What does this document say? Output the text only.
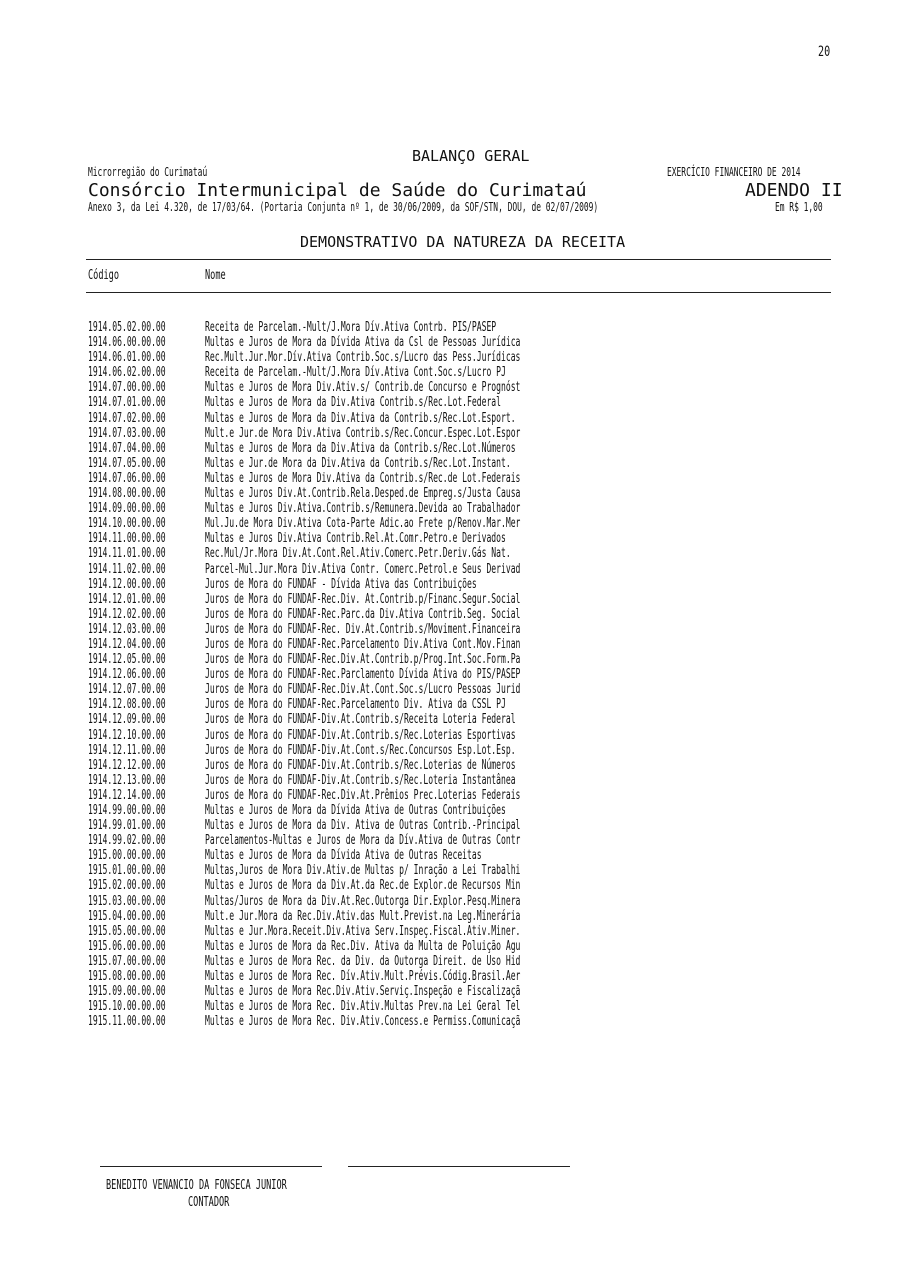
20
BALANÇO GERAL
Microrregião do Curimataú	EXERCÍCIO FINANCEIRO DE 2014
Consórcio Intermunicipal de Saúde do Curimataú	ADENDO II
Anexo 3, da Lei 4.320, de 17/03/64. (Portaria Conjunta nº 1, de 30/06/2009, da SOF/STN, DOU, de 02/07/2009)	Em R$ 1,00
DEMONSTRATIVO DA NATUREZA DA RECEITA
Código	Nome
1914.05.02.00.00	Receita de Parcelam.-Mult/J.Mora Dív.Ativa Contrb. PIS/PASEP
1914.06.00.00.00	Multas e Juros de Mora da Dívida Ativa da Csl de Pessoas Jurídica
1914.06.01.00.00	Rec.Mult.Jur.Mor.Dív.Ativa Contrib.Soc.s/Lucro das Pess.Jurídicas
1914.06.02.00.00	Receita de Parcelam.-Mult/J.Mora Dív.Ativa Cont.Soc.s/Lucro PJ
1914.07.00.00.00	Multas e Juros de Mora Div.Ativ.s/ Contrib.de Concurso e Prognóst
1914.07.01.00.00	Multas e Juros de Mora da Div.Ativa Contrib.s/Rec.Lot.Federal
1914.07.02.00.00	Multas e Juros de Mora da Div.Ativa da Contrib.s/Rec.Lot.Esport.
1914.07.03.00.00	Mult.e Jur.de Mora Div.Ativa Contrib.s/Rec.Concur.Espec.Lot.Espor
1914.07.04.00.00	Multas e Juros de Mora da Div.Ativa da Contrib.s/Rec.Lot.Números
1914.07.05.00.00	Multas e Jur.de Mora da Div.Ativa da Contrib.s/Rec.Lot.Instant.
1914.07.06.00.00	Multas e Juros de Mora Div.Ativa da Contrib.s/Rec.de Lot.Federais
1914.08.00.00.00	Multas e Juros Div.At.Contrib.Rela.Desped.de Empreg.s/Justa Causa
1914.09.00.00.00	Multas e Juros Div.Ativa.Contrib.s/Remunera.Devida ao Trabalhador
1914.10.00.00.00	Mul.Ju.de Mora Div.Ativa Cota-Parte Adic.ao Frete p/Renov.Mar.Mer
1914.11.00.00.00	Multas e Juros Div.Ativa Contrib.Rel.At.Comr.Petro.e Derivados
1914.11.01.00.00	Rec.Mul/Jr.Mora Div.At.Cont.Rel.Ativ.Comerc.Petr.Deriv.Gás Nat.
1914.11.02.00.00	Parcel-Mul.Jur.Mora Div.Ativa Contr. Comerc.Petrol.e Seus Derivad
1914.12.00.00.00	Juros de Mora do FUNDAF - Dívida Ativa das Contribuições
1914.12.01.00.00	Juros de Mora do FUNDAF-Rec.Div. At.Contrib.p/Financ.Segur.Social
1914.12.02.00.00	Juros de Mora do FUNDAF-Rec.Parc.da Div.Ativa Contrib.Seg. Social
1914.12.03.00.00	Juros de Mora do FUNDAF-Rec. Div.At.Contrib.s/Moviment.Financeira
1914.12.04.00.00	Juros de Mora do FUNDAF-Rec.Parcelamento Div.Ativa Cont.Mov.Finan
1914.12.05.00.00	Juros de Mora do FUNDAF-Rec.Div.At.Contrib.p/Prog.Int.Soc.Form.Pa
1914.12.06.00.00	Juros de Mora do FUNDAF-Rec.Parclamento Dívida Ativa do PIS/PASEP
1914.12.07.00.00	Juros de Mora do FUNDAF-Rec.Div.At.Cont.Soc.s/Lucro Pessoas Jurid
1914.12.08.00.00	Juros de Mora do FUNDAF-Rec.Parcelamento Div. Ativa da CSSL PJ
1914.12.09.00.00	Juros de Mora do FUNDAF-Div.At.Contrib.s/Receita Loteria Federal
1914.12.10.00.00	Juros de Mora do FUNDAF-Div.At.Contrib.s/Rec.Loterias Esportivas
1914.12.11.00.00	Juros de Mora do FUNDAF-Div.At.Cont.s/Rec.Concursos Esp.Lot.Esp.
1914.12.12.00.00	Juros de Mora do FUNDAF-Div.At.Contrib.s/Rec.Loterias de Números
1914.12.13.00.00	Juros de Mora do FUNDAF-Div.At.Contrib.s/Rec.Loteria Instantânea
1914.12.14.00.00	Juros de Mora do FUNDAF-Rec.Div.At.Prêmios Prec.Loterias Federais
1914.99.00.00.00	Multas e Juros de Mora da Dívida Ativa de Outras Contribuições
1914.99.01.00.00	Multas e Juros de Mora da Div. Ativa de Outras Contrib.-Principal
1914.99.02.00.00	Parcelamentos-Multas e Juros de Mora da Dív.Ativa de Outras Contr
1915.00.00.00.00	Multas e Juros de Mora da Dívida Ativa de Outras Receitas
1915.01.00.00.00	Multas,Juros de Mora Div.Ativ.de Multas p/ Inração a Lei Trabalhi
1915.02.00.00.00	Multas e Juros de Mora da Div.At.da Rec.de Explor.de Recursos Min
1915.03.00.00.00	Multas/Juros de Mora da Div.At.Rec.Outorga Dir.Explor.Pesq.Minera
1915.04.00.00.00	Mult.e Jur.Mora da Rec.Div.Ativ.das Mult.Previst.na Leg.Minerária
1915.05.00.00.00	Multas e Jur.Mora.Receit.Div.Ativa Serv.Inspeç.Fiscal.Ativ.Miner.
1915.06.00.00.00	Multas e Juros de Mora da Rec.Div. Ativa da Multa de Poluição Agu
1915.07.00.00.00	Multas e Juros de Mora Rec. da Div. da Outorga Direit. de Uso Hid
1915.08.00.00.00	Multas e Juros de Mora Rec. Dív.Ativ.Mult.Prévis.Códig.Brasil.Aer
1915.09.00.00.00	Multas e Juros de Mora Rec.Div.Ativ.Serviç.Inspeção e Fiscalizaçã
1915.10.00.00.00	Multas e Juros de Mora Rec. Div.Ativ.Multas Prev.na Lei Geral Tel
1915.11.00.00.00	Multas e Juros de Mora Rec. Div.Ativ.Concess.e Permiss.Comunicaçã
BENEDITO VENANCIO DA FONSECA JUNIOR
CONTADOR
